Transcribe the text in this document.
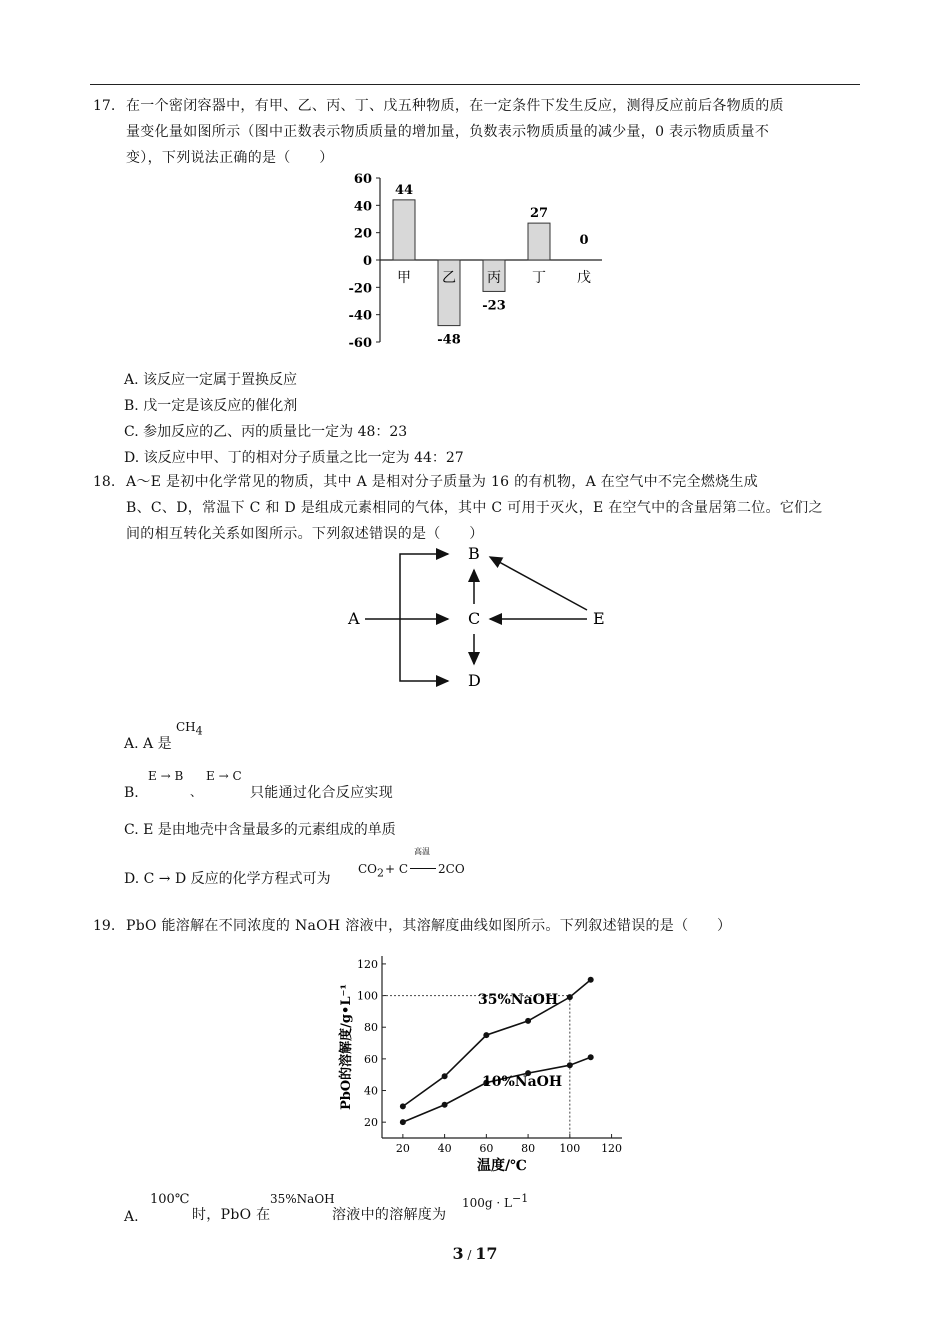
17. 在一个密闭容器中，有甲、乙、丙、丁、戊五种物质，在一定条件下发生反应，测得反应前后各物质的质
量变化量如图所示（图中正数表示物质质量的增加量，负数表示物质质量的减少量，0 表示物质质量不
变），下列说法正确的是（　　）
60
40
20
0
-20
-40
-60
甲
44
乙
-48
丙
-23
丁
27
戊
0
A. 该反应一定属于置换反应
B. 戊一定是该反应的催化剂
C. 参加反应的乙、丙的质量比一定为 48：23
D. 该反应中甲、丁的相对分子质量之比一定为 44：27
18. A～E 是初中化学常见的物质，其中 A 是相对分子质量为 16 的有机物，A 在空气中不完全燃烧生成
B、C、D，常温下 C 和 D 是组成元素相同的气体，其中 C 可用于灭火，E 在空气中的含量居第二位。它们之
间的相互转化关系如图所示。下列叙述错误的是（　　）
A
B
C
D
E
A. A 是
$CH_4$
B.
E → B
、
E → C
只能通过化合反应实现
C. E 是由地壳中含量最多的元素组成的单质
D. C → D 反应的化学方程式可为
$CO_2 + C$
高温
2CO
19. PbO 能溶解在不同浓度的 NaOH 溶液中，其溶解度曲线如图所示。下列叙述错误的是（　　）
20
40
60
80
100
120
20	40	60	80 100 120
35%NaOH
10%NaOH
温度/℃
PbO的溶解度/g•L⁻¹
A.
100℃
时，PbO 在
35%NaOH
溶液中的溶解度为
$100g \cdot L^{-1}$
3 / 17
